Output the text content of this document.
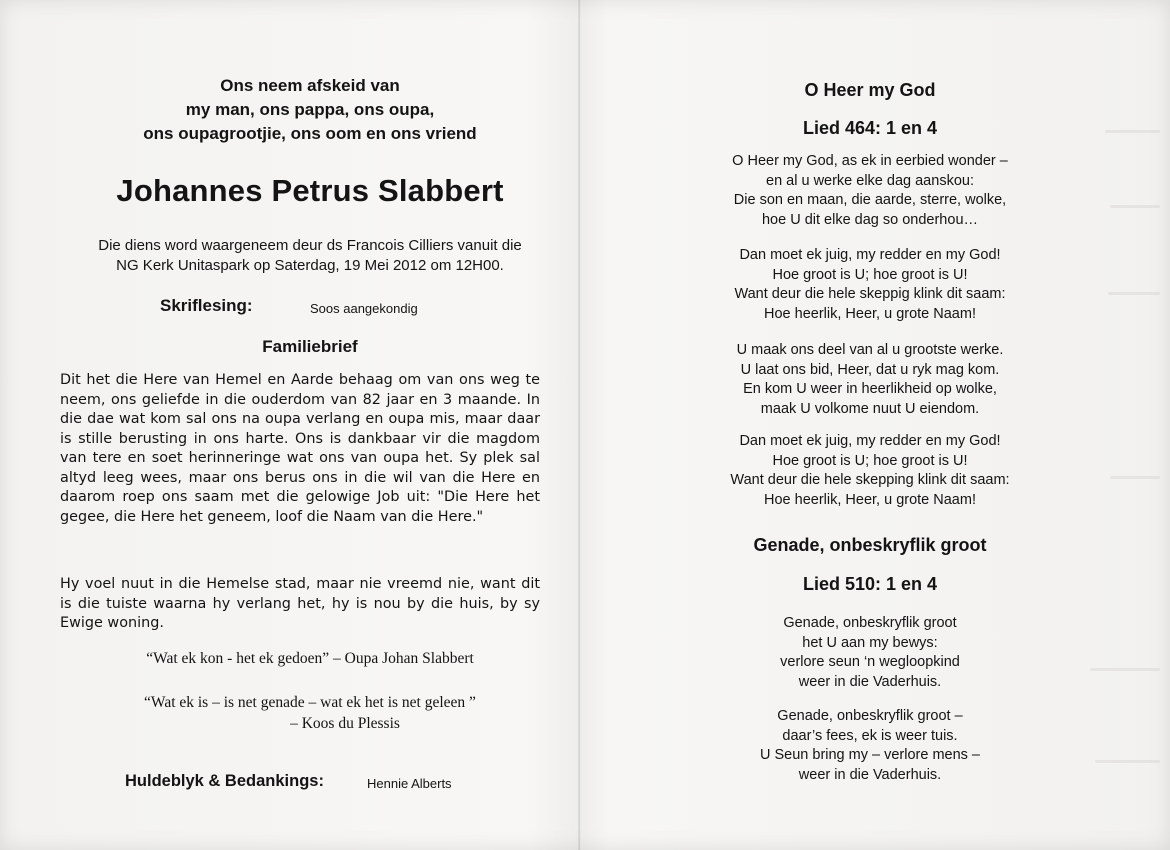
Ons neem afskeid van
my man, ons pappa, ons oupa,
ons oupagrootjie, ons oom en ons vriend
Johannes Petrus Slabbert
Die diens word waargeneem deur ds Francois Cilliers vanuit die
NG Kerk Unitaspark op Saterdag, 19 Mei 2012 om 12H00.
Skriflesing:	Soos aangekondig
Familiebrief
Dit het die Here van Hemel en Aarde behaag om van ons weg te neem, ons geliefde in die ouderdom van 82 jaar en 3 maande. In die dae wat kom sal ons na oupa verlang en oupa mis, maar daar is stille berusting in ons harte. Ons is dankbaar vir die magdom van tere en soet herinneringe wat ons van oupa het. Sy plek sal altyd leeg wees, maar ons berus ons in die wil van die Here en daarom roep ons saam met die gelowige Job uit: "Die Here het gegee, die Here het geneem, loof die Naam van die Here."
Hy voel nuut in die Hemelse stad, maar nie vreemd nie, want dit is die tuiste waarna hy verlang het, hy is nou by die huis, by sy Ewige woning.
“Wat ek kon - het ek gedoen” – Oupa Johan Slabbert
“Wat ek is – is net genade – wat ek het is net geleen ”
– Koos du Plessis
Huldeblyk & Bedankings:	Hennie Alberts
O Heer my God
Lied 464: 1 en 4
O Heer my God, as ek in eerbied wonder –
en al u werke elke dag aanskou:
Die son en maan, die aarde, sterre, wolke,
hoe U dit elke dag so onderhou…
Dan moet ek juig, my redder en my God!
Hoe groot is U; hoe groot is U!
Want deur die hele skeppig klink dit saam:
Hoe heerlik, Heer, u grote Naam!
U maak ons deel van al u grootste werke.
U laat ons bid, Heer, dat u ryk mag kom.
En kom U weer in heerlikheid op wolke,
maak U volkome nuut U eiendom.
Dan moet ek juig, my redder en my God!
Hoe groot is U; hoe groot is U!
Want deur die hele skepping klink dit saam:
Hoe heerlik, Heer, u grote Naam!
Genade, onbeskryflik groot
Lied 510: 1 en 4
Genade, onbeskryflik groot
het U aan my bewys:
verlore seun ‘n wegloopkind
weer in die Vaderhuis.
Genade, onbeskryflik groot –
daar’s fees, ek is weer tuis.
U Seun bring my – verlore mens –
weer in die Vaderhuis.
